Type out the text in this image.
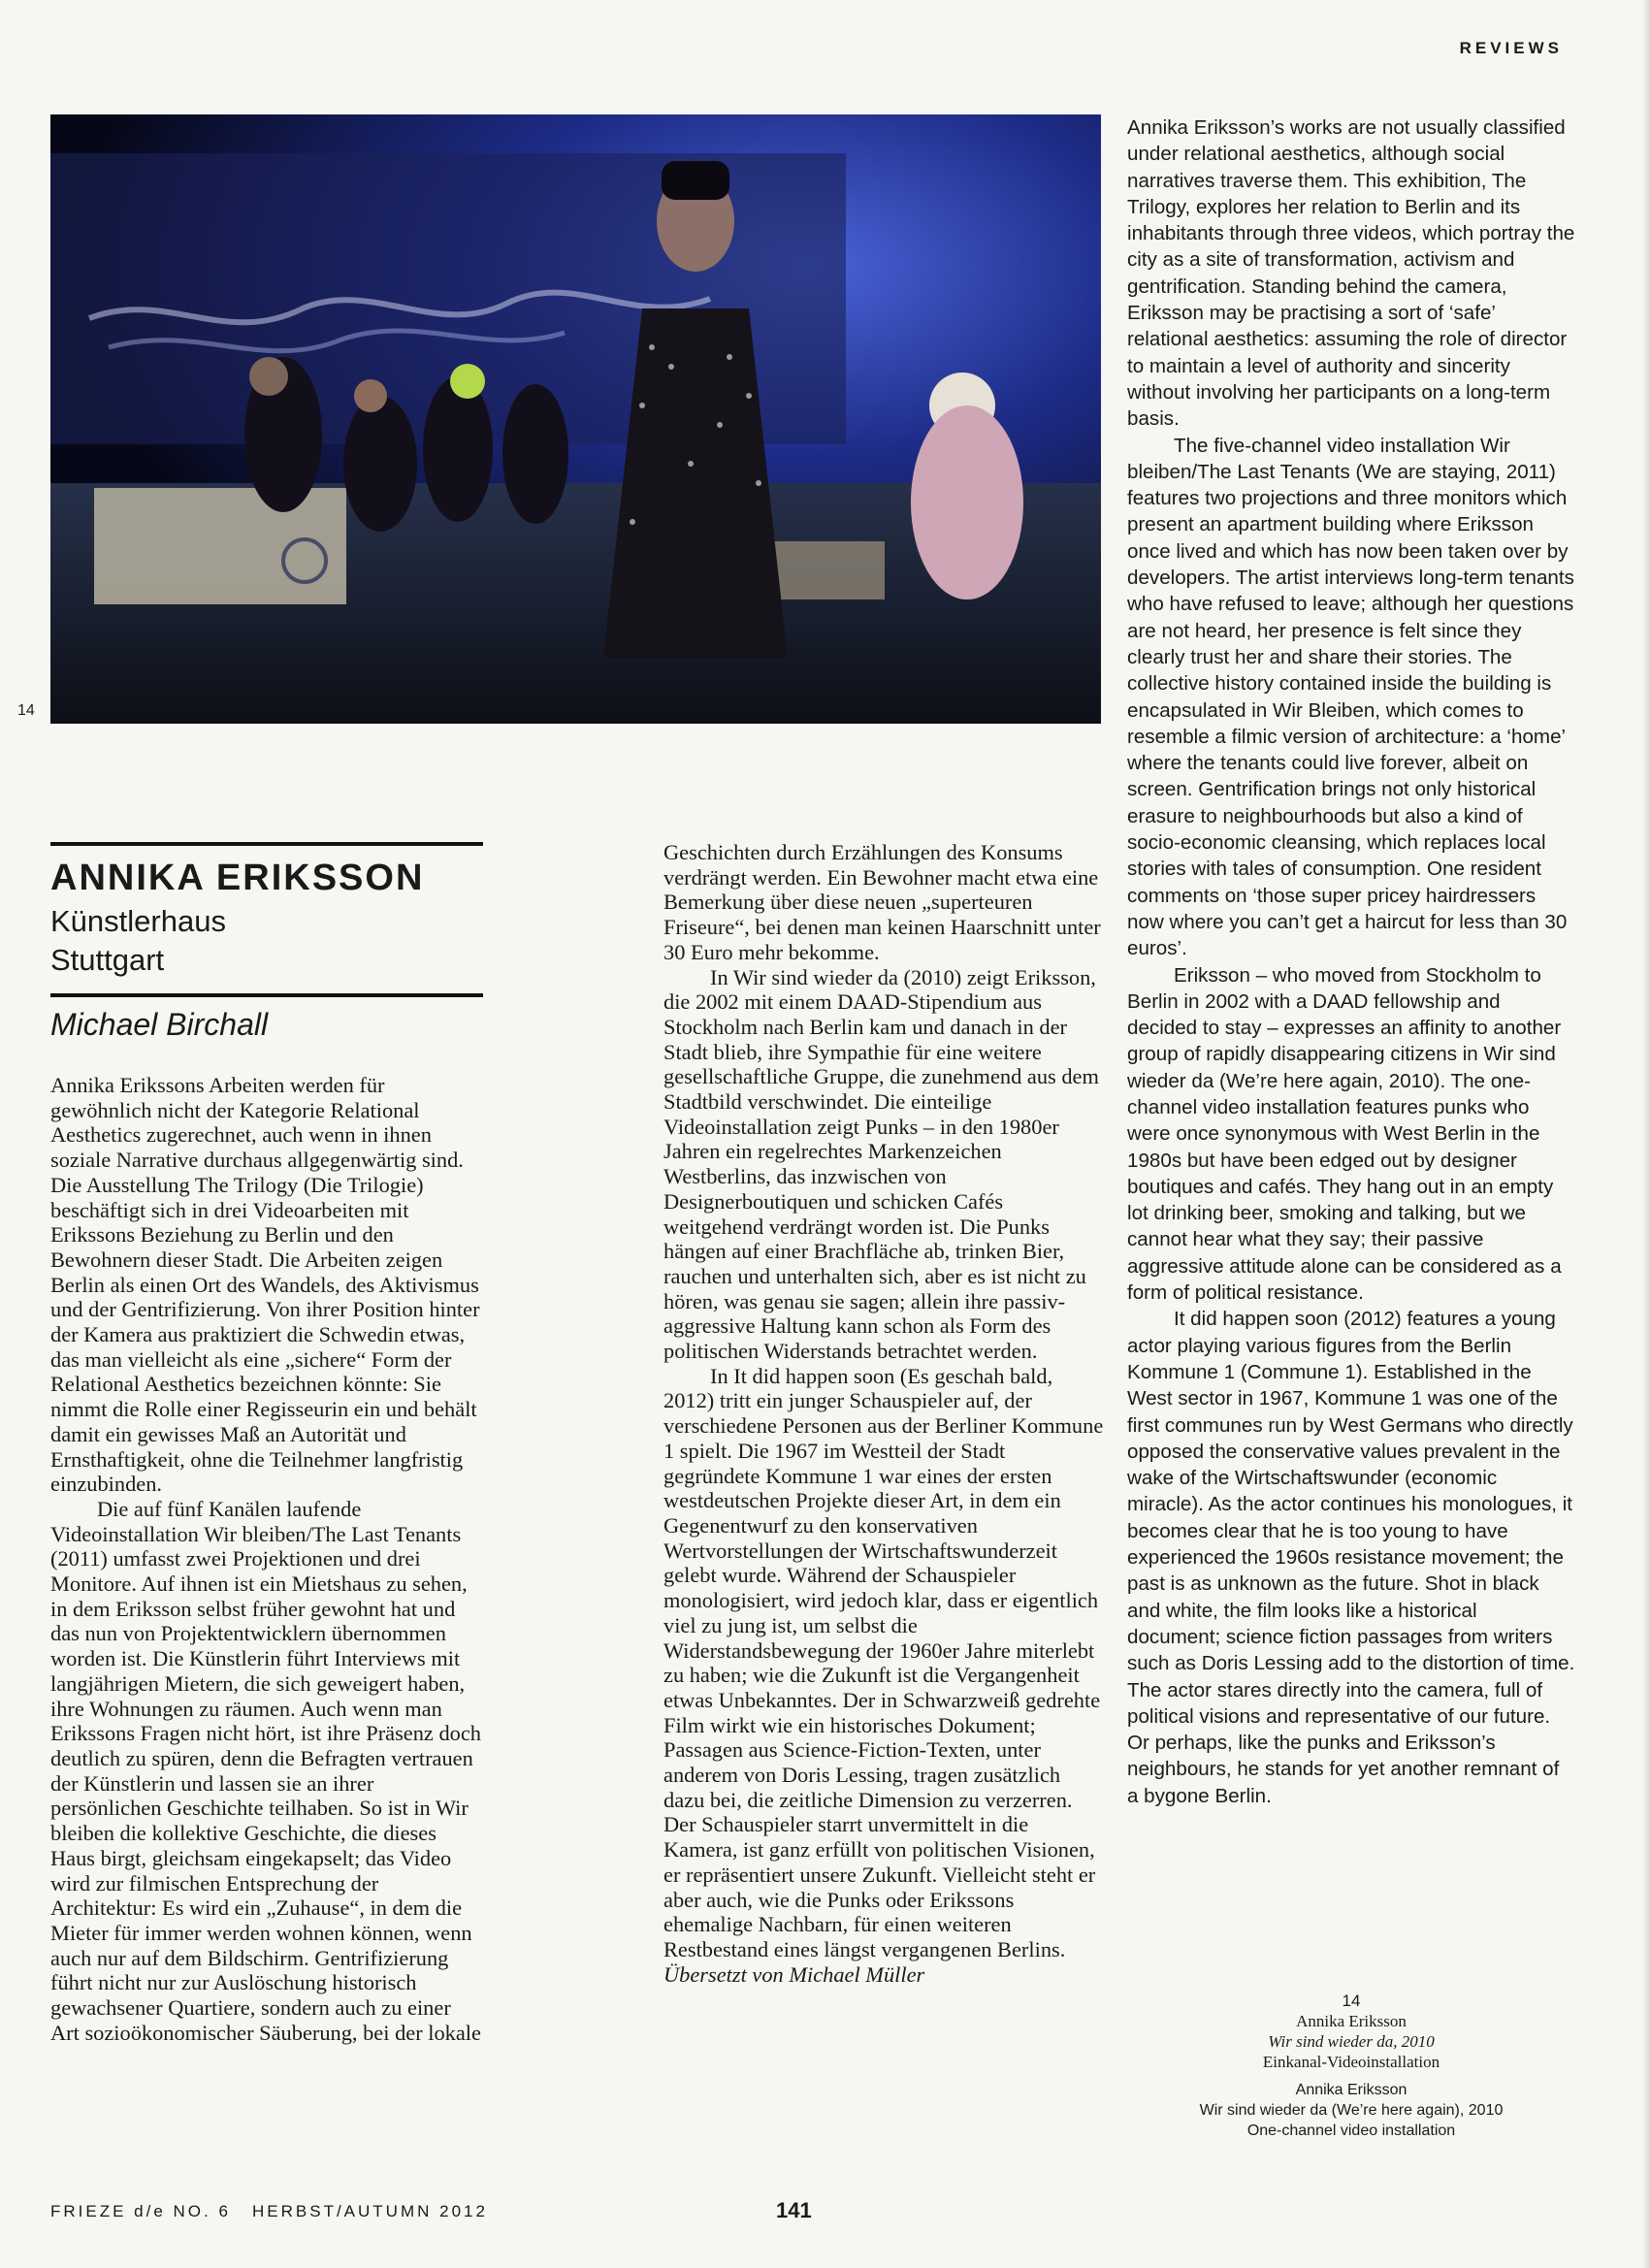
REVIEWS
14
ANNIKA ERIKSSON
Künstlerhaus
Stuttgart
Michael Birchall

Annika Erikssons Arbeiten werden für gewöhnlich nicht der Kategorie Relational Aesthetics zugerechnet, auch wenn in ihnen soziale Narrative durchaus allgegenwärtig sind. Die Ausstellung The Trilogy (Die Trilogie) beschäftigt sich in drei Videoarbeiten mit Erikssons Beziehung zu Berlin und den Bewohnern dieser Stadt. Die Arbeiten zeigen Berlin als einen Ort des Wandels, des Aktivismus und der Gentrifizierung. Von ihrer Position hinter der Kamera aus praktiziert die Schwedin etwas, das man vielleicht als eine „sichere“ Form der Relational Aesthetics bezeichnen könnte: Sie nimmt die Rolle einer Regisseurin ein und behält damit ein gewisses Maß an Autorität und Ernsthaftigkeit, ohne die Teilnehmer langfristig einzubinden.

Die auf fünf Kanälen laufende Videoinstallation Wir bleiben/The Last Tenants (2011) umfasst zwei Projektionen und drei Monitore. Auf ihnen ist ein Mietshaus zu sehen, in dem Eriksson selbst früher gewohnt hat und das nun von Projektentwicklern übernommen worden ist. Die Künstlerin führt Interviews mit langjährigen Mietern, die sich geweigert haben, ihre Wohnungen zu räumen. Auch wenn man Erikssons Fragen nicht hört, ist ihre Präsenz doch deutlich zu spüren, denn die Befragten vertrauen der Künstlerin und lassen sie an ihrer persönlichen Geschichte teilhaben. So ist in Wir bleiben die kollektive Geschichte, die dieses Haus birgt, gleichsam eingekapselt; das Video wird zur filmischen Entsprechung der Architektur: Es wird ein „Zuhause“, in dem die Mieter für immer werden wohnen können, wenn auch nur auf dem Bildschirm. Gentrifizierung führt nicht nur zur Auslöschung historisch gewachsener Quartiere, sondern auch zu einer Art sozioökonomischer Säuberung, bei der lokale

Geschichten durch Erzählungen des Konsums verdrängt werden. Ein Bewohner macht etwa eine Bemerkung über diese neuen „superteuren Friseure“, bei denen man keinen Haarschnitt unter 30 Euro mehr bekomme.

In Wir sind wieder da (2010) zeigt Eriksson, die 2002 mit einem DAAD-Stipendium aus Stockholm nach Berlin kam und danach in der Stadt blieb, ihre Sympathie für eine weitere gesellschaftliche Gruppe, die zunehmend aus dem Stadtbild verschwindet. Die einteilige Videoinstallation zeigt Punks – in den 1980er Jahren ein regelrechtes Markenzeichen Westberlins, das inzwischen von Designerboutiquen und schicken Cafés weitgehend verdrängt worden ist. Die Punks hängen auf einer Brachfläche ab, trinken Bier, rauchen und unterhalten sich, aber es ist nicht zu hören, was genau sie sagen; allein ihre passiv-aggressive Haltung kann schon als Form des politischen Widerstands betrachtet werden.

In It did happen soon (Es geschah bald, 2012) tritt ein junger Schauspieler auf, der verschiedene Personen aus der Berliner Kommune 1 spielt. Die 1967 im Westteil der Stadt gegründete Kommune 1 war eines der ersten westdeutschen Projekte dieser Art, in dem ein Gegenentwurf zu den konservativen Wertvorstellungen der Wirtschaftswunderzeit gelebt wurde. Während der Schauspieler monologisiert, wird jedoch klar, dass er eigentlich viel zu jung ist, um selbst die Widerstandsbewegung der 1960er Jahre miterlebt zu haben; wie die Zukunft ist die Vergangenheit etwas Unbekanntes. Der in Schwarzweiß gedrehte Film wirkt wie ein historisches Dokument; Passagen aus Science-Fiction-Texten, unter anderem von Doris Lessing, tragen zusätzlich dazu bei, die zeitliche Dimension zu verzerren. Der Schauspieler starrt unvermittelt in die Kamera, ist ganz erfüllt von politischen Visionen, er repräsentiert unsere Zukunft. Vielleicht steht er aber auch, wie die Punks oder Erikssons ehemalige Nachbarn, für einen weiteren Restbestand eines längst vergangenen Berlins.

Übersetzt von Michael Müller

Annika Eriksson’s works are not usually classified under relational aesthetics, although social narratives traverse them. This exhibition, The Trilogy, explores her relation to Berlin and its inhabitants through three videos, which portray the city as a site of transformation, activism and gentrification. Standing behind the camera, Eriksson may be practising a sort of ‘safe’ relational aesthetics: assuming the role of director to maintain a level of authority and sincerity without involving her participants on a long-term basis.

The five-channel video installation Wir bleiben/The Last Tenants (We are staying, 2011) features two projections and three monitors which present an apartment building where Eriksson once lived and which has now been taken over by developers. The artist interviews long-term tenants who have refused to leave; although her questions are not heard, her presence is felt since they clearly trust her and share their stories. The collective history contained inside the building is encapsulated in Wir Bleiben, which comes to resemble a filmic version of architecture: a ‘home’ where the tenants could live forever, albeit on screen. Gentrification brings not only historical erasure to neighbourhoods but also a kind of socio-economic cleansing, which replaces local stories with tales of consumption. One resident comments on ‘those super pricey hairdressers now where you can’t get a haircut for less than 30 euros’.

Eriksson – who moved from Stockholm to Berlin in 2002 with a DAAD fellowship and decided to stay – expresses an affinity to another group of rapidly disappearing citizens in Wir sind wieder da (We’re here again, 2010). The one-channel video installation features punks who were once synonymous with West Berlin in the 1980s but have been edged out by designer boutiques and cafés. They hang out in an empty lot drinking beer, smoking and talking, but we cannot hear what they say; their passive aggressive attitude alone can be considered as a form of political resistance.

It did happen soon (2012) features a young actor playing various figures from the Berlin Kommune 1 (Commune 1). Established in the West sector in 1967, Kommune 1 was one of the first communes run by West Germans who directly opposed the conservative values prevalent in the wake of the Wirtschaftswunder (economic miracle). As the actor continues his monologues, it becomes clear that he is too young to have experienced the 1960s resistance movement; the past is as unknown as the future. Shot in black and white, the film looks like a historical document; science fiction passages from writers such as Doris Lessing add to the distortion of time. The actor stares directly into the camera, full of political visions and representative of our future. Or perhaps, like the punks and Eriksson’s neighbours, he stands for yet another remnant of a bygone Berlin.

14
Annika Eriksson
Wir sind wieder da, 2010
Einkanal-Videoinstallation
Annika Eriksson
Wir sind wieder da (We’re here again), 2010
One-channel video installation
FRIEZE d/e NO. 6 HERBST/AUTUMN 2012	141
